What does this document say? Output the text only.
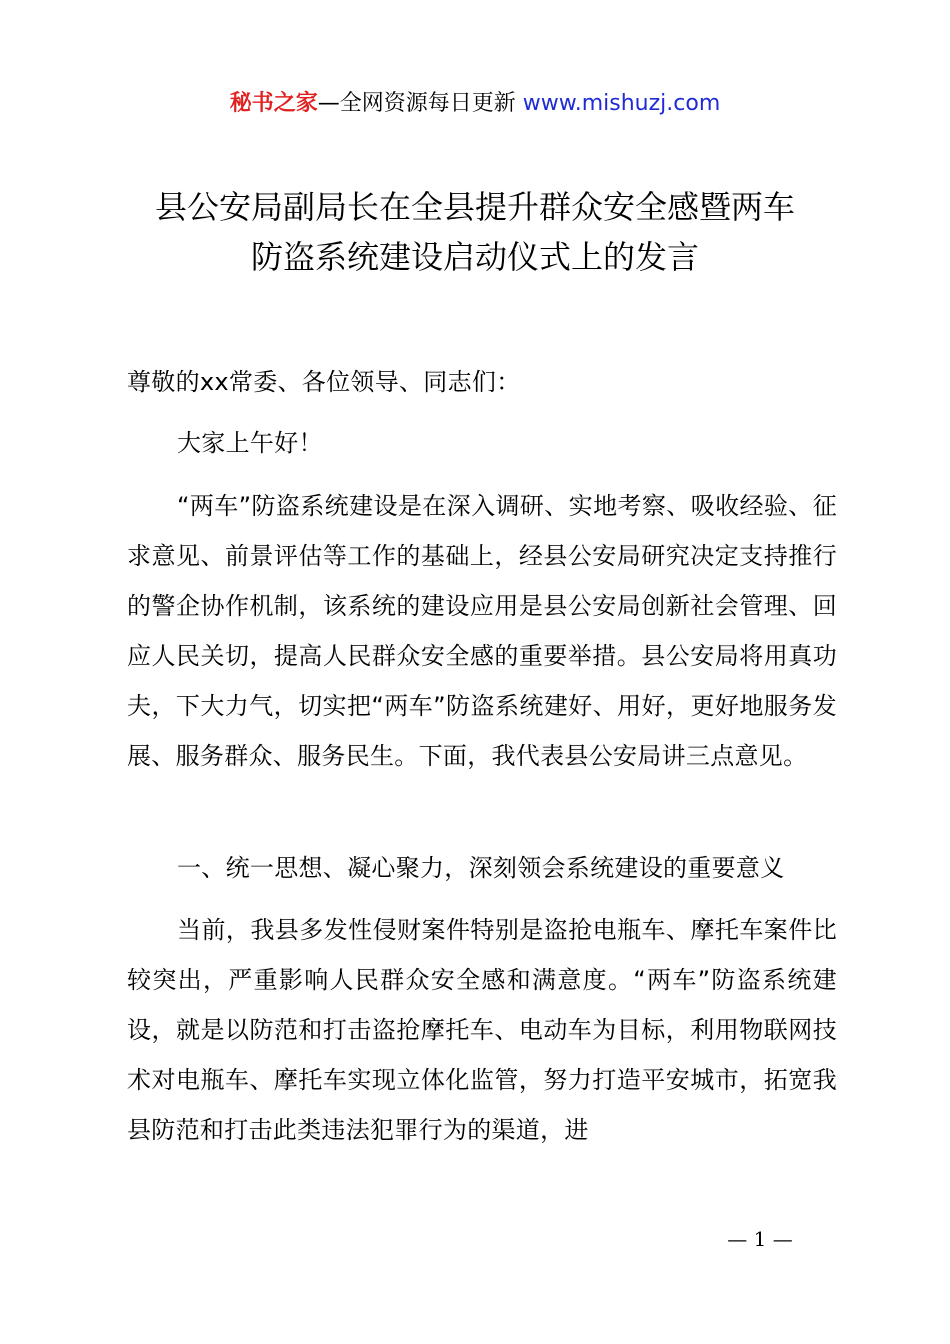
秘书之家—全网资源每日更新 www.mishuzj.com
县公安局副局长在全县提升群众安全感暨两车
防盗系统建设启动仪式上的发言
尊敬的xx常委、各位领导、同志们：
大家上午好！
“两车”防盗系统建设是在深入调研、实地考察、吸收经验、征求意见、前景评估等工作的基础上，经县公安局研究决定支持推行的警企协作机制，该系统的建设应用是县公安局创新社会管理、回应人民关切，提高人民群众安全感的重要举措。县公安局将用真功夫，下大力气，切实把“两车”防盗系统建好、用好，更好地服务发展、服务群众、服务民生。下面，我代表县公安局讲三点意见。
一、统一思想、凝心聚力，深刻领会系统建设的重要意义
当前，我县多发性侵财案件特别是盗抢电瓶车、摩托车案件比较突出，严重影响人民群众安全感和满意度。“两车”防盗系统建设，就是以防范和打击盗抢摩托车、电动车为目标，利用物联网技术对电瓶车、摩托车实现立体化监管，努力打造平安城市，拓宽我县防范和打击此类违法犯罪行为的渠道，进
— 1 —
